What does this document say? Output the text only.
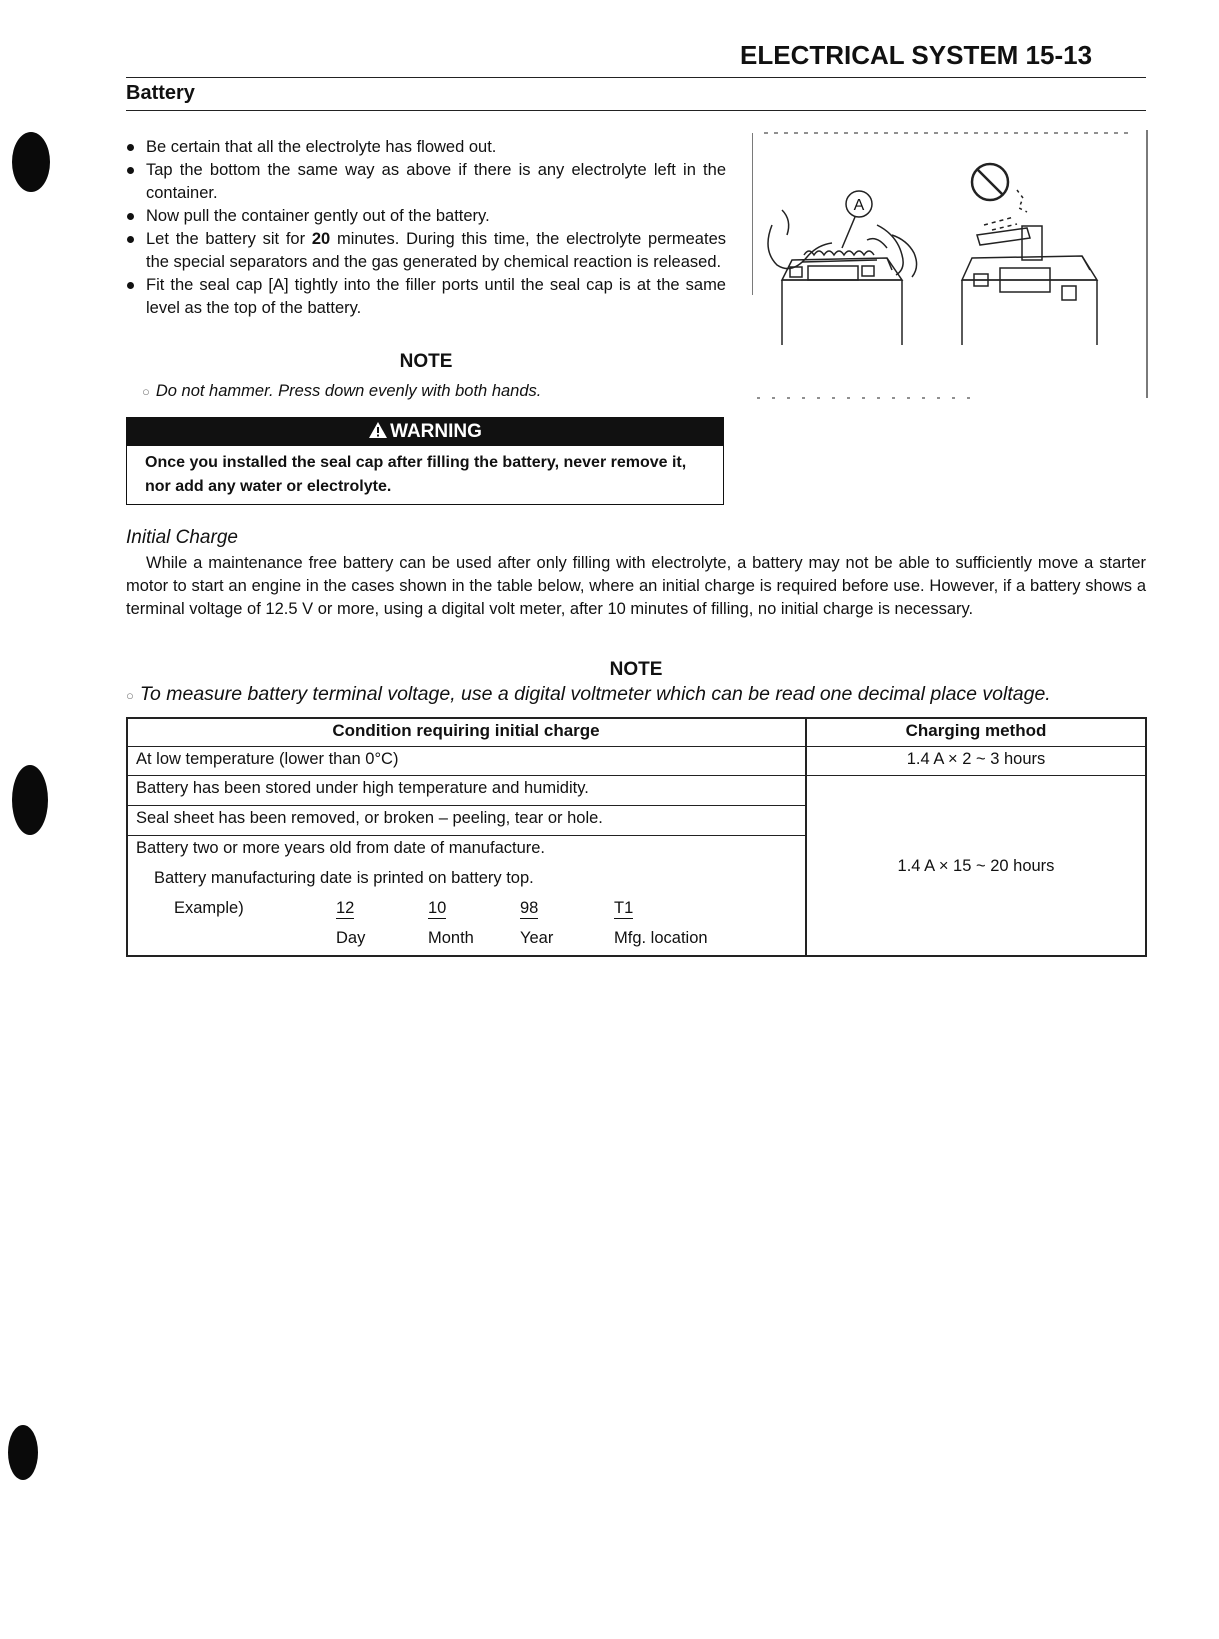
ELECTRICAL SYSTEM 15-13
Battery
Be certain that all the electrolyte has flowed out.
Tap the bottom the same way as above if there is any electrolyte left in the container.
Now pull the container gently out of the battery.
Let the battery sit for 20 minutes. During this time, the electrolyte permeates the special separators and the gas generated by chemical reaction is released.
Fit the seal cap [A] tightly into the filler ports until the seal cap is at the same level as the top of the battery.
NOTE
○ Do not hammer. Press down evenly with both hands.
WARNING
Once you installed the seal cap after filling the battery, never remove it, nor add any water or electrolyte.
A
Initial Charge
While a maintenance free battery can be used after only filling with electrolyte, a battery may not be able to sufficiently move a starter motor to start an engine in the cases shown in the table below, where an initial charge is required before use. However, if a battery shows a terminal voltage of 12.5 V or more, using a digital volt meter, after 10 minutes of filling, no initial charge is necessary.
NOTE
○ To measure battery terminal voltage, use a digital voltmeter which can be read one decimal place voltage.
Condition requiring initial charge	Charging method
At low temperature (lower than 0°C)	1.4 A × 2 ~ 3 hours
Battery has been stored under high temperature and humidity.
Seal sheet has been removed, or broken – peeling, tear or hole.
Battery two or more years old from date of manufacture.
Battery manufacturing date is printed on battery top.
Example)	12	10	98	T1
Day	Month	Year	Mfg. location
1.4 A × 15 ~ 20 hours
